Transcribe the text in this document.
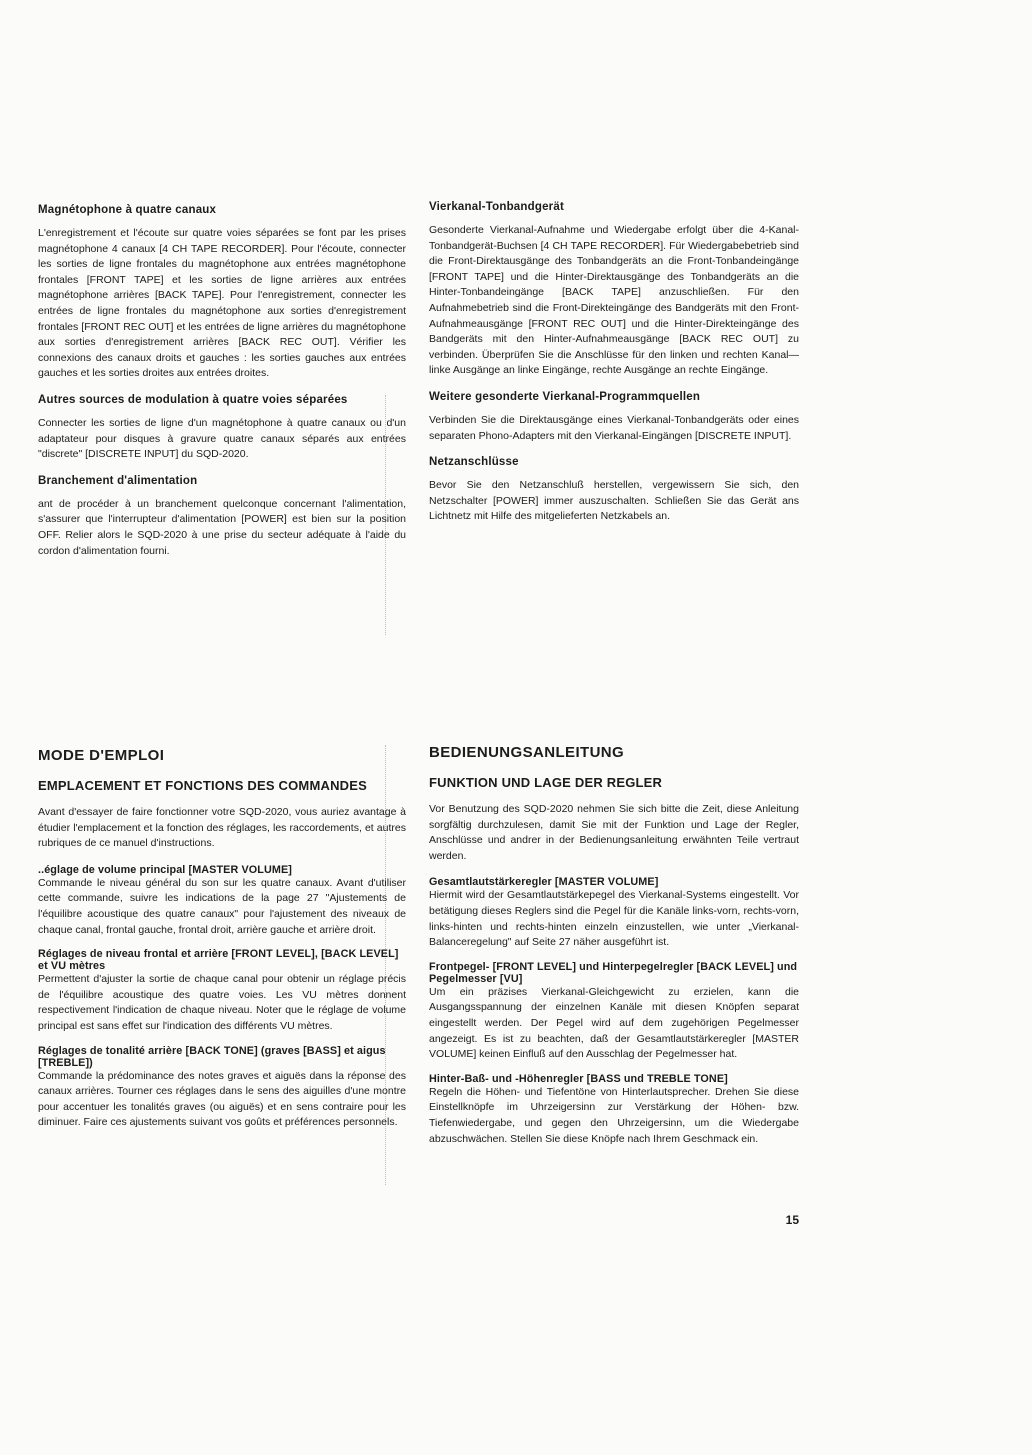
Magnétophone à quatre canaux

L'enregistrement et l'écoute sur quatre voies séparées se font par les prises magnétophone 4 canaux [4 CH TAPE RECORDER]. Pour l'écoute, connecter les sorties de ligne frontales du magnétophone aux entrées magnétophone frontales [FRONT TAPE] et les sorties de ligne arrières aux entrées magnétophone arrières [BACK TAPE]. Pour l'enregistrement, connecter les entrées de ligne frontales du magnétophone aux sorties d'enregistrement frontales [FRONT REC OUT] et les entrées de ligne arrières du magnétophone aux sorties d'enregistrement arrières [BACK REC OUT]. Vérifier les connexions des canaux droits et gauches : les sorties gauches aux entrées gauches et les sorties droites aux entrées droites.

Autres sources de modulation à quatre voies séparées

Connecter les sorties de ligne d'un magnétophone à quatre canaux ou d'un adaptateur pour disques à gravure quatre canaux séparés aux entrées "discrete" [DISCRETE INPUT] du SQD-2020.

Branchement d'alimentation

ant de procéder à un branchement quelconque concernant l'alimentation, s'assurer que l'interrupteur d'alimentation [POWER] est bien sur la position OFF. Relier alors le SQD-2020 à une prise du secteur adéquate à l'aide du cordon d'alimentation fourni.

Vierkanal-Tonbandgerät

Gesonderte Vierkanal-Aufnahme und Wiedergabe erfolgt über die 4-Kanal-Tonbandgerät-Buchsen [4 CH TAPE RECORDER]. Für Wiedergabebetrieb sind die Front-Direktausgänge des Tonbandgeräts an die Front-Tonbandeingänge [FRONT TAPE] und die Hinter-Direktausgänge des Tonbandgeräts an die Hinter-Tonbandeingänge [BACK TAPE] anzuschließen. Für den Aufnahmebetrieb sind die Front-Direkteingänge des Bandgeräts mit den Front-Aufnahmeausgänge [FRONT REC OUT] und die Hinter-Direkteingänge des Bandgeräts mit den Hinter-Aufnahmeausgänge [BACK REC OUT] zu verbinden. Überprüfen Sie die Anschlüsse für den linken und rechten Kanal—linke Ausgänge an linke Eingänge, rechte Ausgänge an rechte Eingänge.

Weitere gesonderte Vierkanal-Programmquellen

Verbinden Sie die Direktausgänge eines Vierkanal-Tonbandgeräts oder eines separaten Phono-Adapters mit den Vierkanal-Eingängen [DISCRETE INPUT].

Netzanschlüsse

Bevor Sie den Netzanschluß herstellen, vergewissern Sie sich, den Netzschalter [POWER] immer auszuschalten. Schließen Sie das Gerät ans Lichtnetz mit Hilfe des mitgelieferten Netzkabels an.

MODE D'EMPLOI
EMPLACEMENT ET FONCTIONS DES COMMANDES

Avant d'essayer de faire fonctionner votre SQD-2020, vous auriez avantage à étudier l'emplacement et la fonction des réglages, les raccordements, et autres rubriques de ce manuel d'instructions.

..églage de volume principal [MASTER VOLUME]

Commande le niveau général du son sur les quatre canaux. Avant d'utiliser cette commande, suivre les indications de la page 27 "Ajustements de l'équilibre acoustique des quatre canaux" pour l'ajustement des niveaux de chaque canal, frontal gauche, frontal droit, arrière gauche et arrière droit.

Réglages de niveau frontal et arrière [FRONT LEVEL], [BACK LEVEL] et VU mètres

Permettent d'ajuster la sortie de chaque canal pour obtenir un réglage précis de l'équilibre acoustique des quatre voies. Les VU mètres donnent respectivement l'indication de chaque niveau. Noter que le réglage de volume principal est sans effet sur l'indication des différents VU mètres.

Réglages de tonalité arrière [BACK TONE] (graves [BASS] et aigus [TREBLE])

Commande la prédominance des notes graves et aiguës dans la réponse des canaux arrières. Tourner ces réglages dans le sens des aiguilles d'une montre pour accentuer les tonalités graves (ou aiguës) et en sens contraire pour les diminuer. Faire ces ajustements suivant vos goûts et préférences personnels.

BEDIENUNGSANLEITUNG
FUNKTION UND LAGE DER REGLER

Vor Benutzung des SQD-2020 nehmen Sie sich bitte die Zeit, diese Anleitung sorgfältig durchzulesen, damit Sie mit der Funktion und Lage der Regler, Anschlüsse und andrer in der Bedienungsanleitung erwähnten Teile vertraut werden.

Gesamtlautstärkeregler [MASTER VOLUME]

Hiermit wird der Gesamtlautstärkepegel des Vierkanal-Systems eingestellt. Vor betätigung dieses Reglers sind die Pegel für die Kanäle links-vorn, rechts-vorn, links-hinten und rechts-hinten einzeln einzustellen, wie unter „Vierkanal-Balanceregelung" auf Seite 27 näher ausgeführt ist.

Frontpegel- [FRONT LEVEL] und Hinterpegelregler [BACK LEVEL] und Pegelmesser [VU]

Um ein präzises Vierkanal-Gleichgewicht zu erzielen, kann die Ausgangsspannung der einzelnen Kanäle mit diesen Knöpfen separat eingestellt werden. Der Pegel wird auf dem zugehörigen Pegelmesser angezeigt. Es ist zu beachten, daß der Gesamtlautstärkeregler [MASTER VOLUME] keinen Einfluß auf den Ausschlag der Pegelmesser hat.

Hinter-Baß- und -Höhenregler [BASS und TREBLE TONE]

Regeln die Höhen- und Tiefentöne von Hinterlautsprecher. Drehen Sie diese Einstellknöpfe im Uhrzeigersinn zur Verstärkung der Höhen- bzw. Tiefenwiedergabe, und gegen den Uhrzeigersinn, um die Wiedergabe abzuschwächen. Stellen Sie diese Knöpfe nach Ihrem Geschmack ein.

15
